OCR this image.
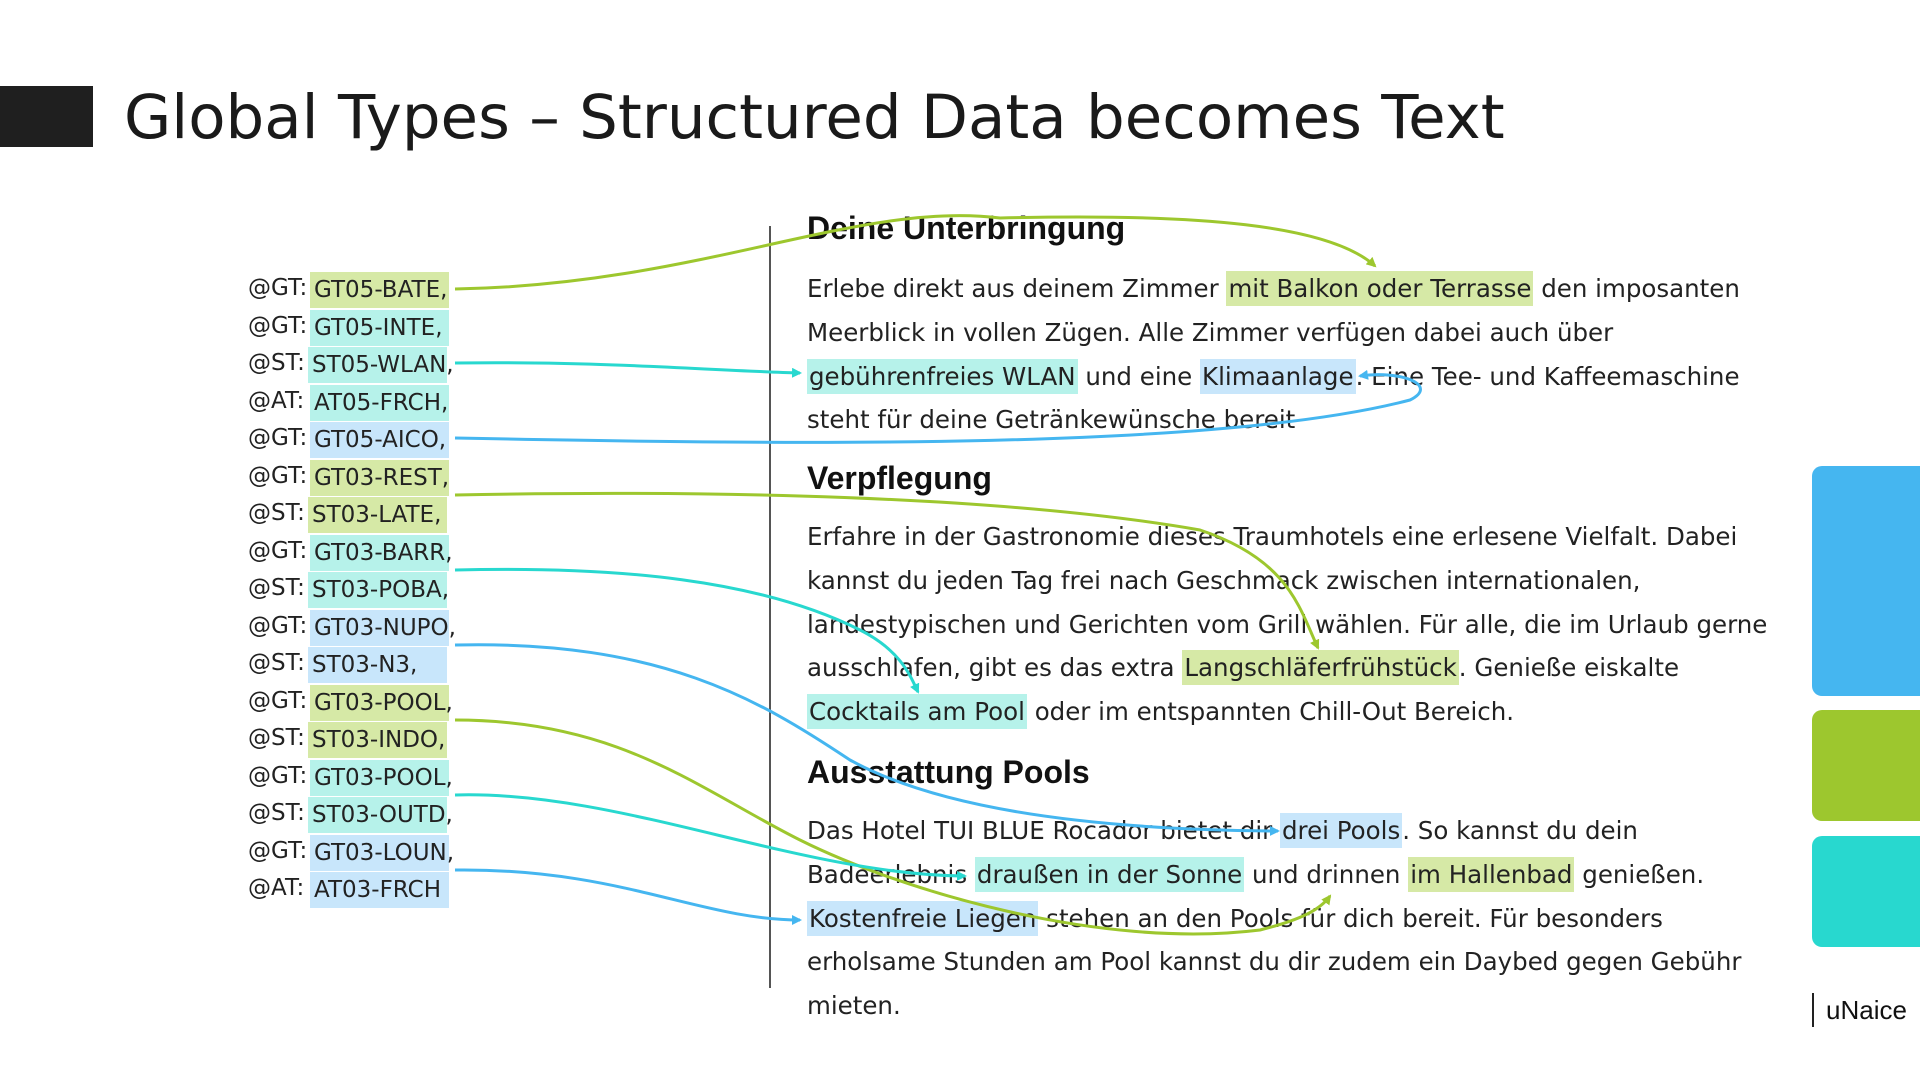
Global Types – Structured Data becomes Text
@GT: GT05-BATE,
@GT: GT05-INTE,
@ST: ST05-WLAN,
@AT: AT05-FRCH,
@GT: GT05-AICO,
@GT: GT03-REST,
@ST: ST03-LATE,
@GT: GT03-BARR,
@ST: ST03-POBA,
@GT: GT03-NUPO,
@ST: ST03-N3,
@GT: GT03-POOL,
@ST: ST03-INDO,
@GT: GT03-POOL,
@ST: ST03-OUTD,
@GT: GT03-LOUN,
@AT: AT03-FRCH
Deine Unterbringung
Erlebe direkt aus deinem Zimmer mit Balkon oder Terrasse den imposanten
Meerblick in vollen Zügen. Alle Zimmer verfügen dabei auch über
gebührenfreies WLAN und eine Klimaanlage. Eine Tee- und Kaffeemaschine
steht für deine Getränkewünsche bereit
Verpflegung
Erfahre in der Gastronomie dieses Traumhotels eine erlesene Vielfalt. Dabei
kannst du jeden Tag frei nach Geschmack zwischen internationalen,
landestypischen und Gerichten vom Grill wählen. Für alle, die im Urlaub gerne
ausschlafen, gibt es das extra Langschläferfrühstück. Genieße eiskalte
Cocktails am Pool oder im entspannten Chill-Out Bereich.
Ausstattung Pools
Das Hotel TUI BLUE Rocador bietet dir drei Pools. So kannst du dein
Badeerlebnis draußen in der Sonne und drinnen im Hallenbad genießen.
Kostenfreie Liegen stehen an den Pools für dich bereit. Für besonders
erholsame Stunden am Pool kannst du dir zudem ein Daybed gegen Gebühr
mieten.	uNaice
